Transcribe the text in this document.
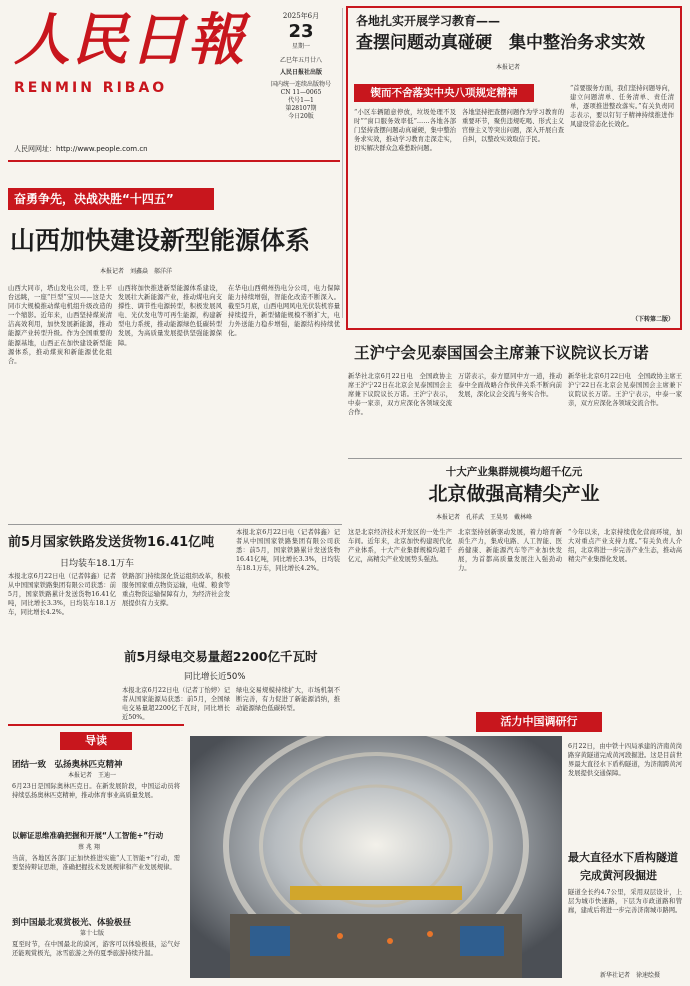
人民日報
RENMIN RIBAO
人民网网址：http://www.people.com.cn
2025年6月
23
星期一
乙巳年五月廿八
人民日报社出版
国内统一连续出版物号
CN 11—0065
代号1—1
第28107期
今日20版
各地扎实开展学习教育——
查摆问题动真碰硬　集中整治务求实效
本报记者
锲而不舍落实中央八项规定精神
“小区车辆随意停放，垃圾处理不及时”“窗口服务效率低”……各地各部门坚持查摆问题动真碰硬，集中整治务求实效，推动学习教育走深走实，切实解决群众急难愁盼问题。
各地坚持把查摆问题作为学习教育的重要环节，聚焦违规吃喝、形式主义官僚主义等突出问题，深入开展自查自纠，以整改实效取信于民。
“首要服务方面，我们坚持问题导向，建立问题清单、任务清单、责任清单，逐项推进整改落实。”有关负责同志表示，要以钉钉子精神持续推进作风建设常态化长效化。
（下转第二版）
奋勇争先，决战决胜“十四五”
山西加快建设新型能源体系
本报记者　刘鑫焱　郝洋洋
山西大同市，塔山发电公司，登上平台远眺，一座“巨型”宝贝——这是大同市大规模推动煤电机组升级改造的一个缩影。近年来，山西坚持煤炭清洁高效利用，加快发展新能源，推动能源产业转型升级。作为全国重要的能源基地，山西正在加快建设新型能源体系，推动煤炭和新能源优化组合。
山西将加快推进新型能源体系建设，发展壮大新能源产业，推动煤电向支撑性、调节性电源转型，积极发展风电、光伏发电等可再生能源，构建新型电力系统，推动能源绿色低碳转型发展，为高质量发展提供坚强能源保障。
在华电山西朔州热电分公司，电力保障能力持续增强，智能化改造不断深入。截至5月底，山西电网风电光伏装机容量持续提升，新型储能规模不断扩大，电力外送能力稳步增强，能源结构持续优化。
王沪宁会见泰国国会主席兼下议院议长万诺
新华社北京6月22日电　全国政协主席王沪宁22日在北京会见泰国国会主席兼下议院议长万诺。王沪宁表示，中泰一家亲，双方应深化各领域交流合作。
万诺表示，泰方愿同中方一道，推动泰中全面战略合作伙伴关系不断向前发展，深化议会交流与务实合作。
新华社北京6月22日电　全国政协主席王沪宁22日在北京会见泰国国会主席兼下议院议长万诺。王沪宁表示，中泰一家亲，双方应深化各领域交流合作。
十大产业集群规模均超千亿元
北京做强高精尖产业
本报记者　孔祥武　王昊男　戴林峰
这是北京经济技术开发区的一处生产车间。近年来，北京加快构建现代化产业体系，十大产业集群规模均超千亿元，高精尖产业发展势头强劲。
北京坚持创新驱动发展，着力培育新质生产力，集成电路、人工智能、医药健康、新能源汽车等产业加快发展，为首都高质量发展注入强劲动力。
“今年以来，北京持续优化营商环境，加大对重点产业支持力度。”有关负责人介绍，北京将进一步完善产业生态，推动高精尖产业集群化发展。
前5月国家铁路发送货物16.41亿吨
日均装车18.1万车
本报北京6月22日电（记者韩鑫）记者从中国国家铁路集团有限公司获悉：前5月，国家铁路累计发送货物16.41亿吨，同比增长3.3%，日均装车18.1万车，同比增长4.2%。
铁路部门持续深化货运组织改革，积极服务国家重点物资运输，电煤、粮食等重点物资运输保障有力，为经济社会发展提供有力支撑。
本报北京6月22日电（记者韩鑫）记者从中国国家铁路集团有限公司获悉：前5月，国家铁路累计发送货物16.41亿吨，同比增长3.3%，日均装车18.1万车，同比增长4.2%。
前5月绿电交易量超2200亿千瓦时
同比增长近50%
本报北京6月22日电（记者丁怡婷）记者从国家能源局获悉：前5月，全国绿电交易量超2200亿千瓦时，同比增长近50%。
绿电交易规模持续扩大，市场机制不断完善，有力促进了新能源消纳，推动能源绿色低碳转型。
活力中国调研行
导读
团结一致　弘扬奥林匹克精神
本报记者　王迪一
6月23日是国际奥林匹克日。在新发展阶段，中国运动员将持续弘扬奥林匹克精神，推动体育事业高质量发展。
以解证思维准确把握和开展“人工智能+”行动
蔡 兆 翔
当前，各地区各部门正加快推进实施“人工智能+”行动，需要坚持辩证思维，准确把握技术发展规律和产业发展规律。
到中国最北观赏极光、体验极昼
第十七版
夏至时节，在中国最北的漠河，游客可以体验极昼，运气好还能观赏极光，冰雪旅游之外的夏季旅游持续升温。
6月22日，由中铁十四局承建的济南黄岗路穿黄隧道完成黄河段掘进。这是目前世界最大直径水下盾构隧道，为济南跨黄河发展提供交通保障。
最大直径水下盾构隧道
完成黄河段掘进
隧道全长约4.7公里，采用双层设计，上层为城市快速路，下层为市政道路和管廊，建成后将进一步完善济南城市路网。
新华社记者　徐速绘摄
